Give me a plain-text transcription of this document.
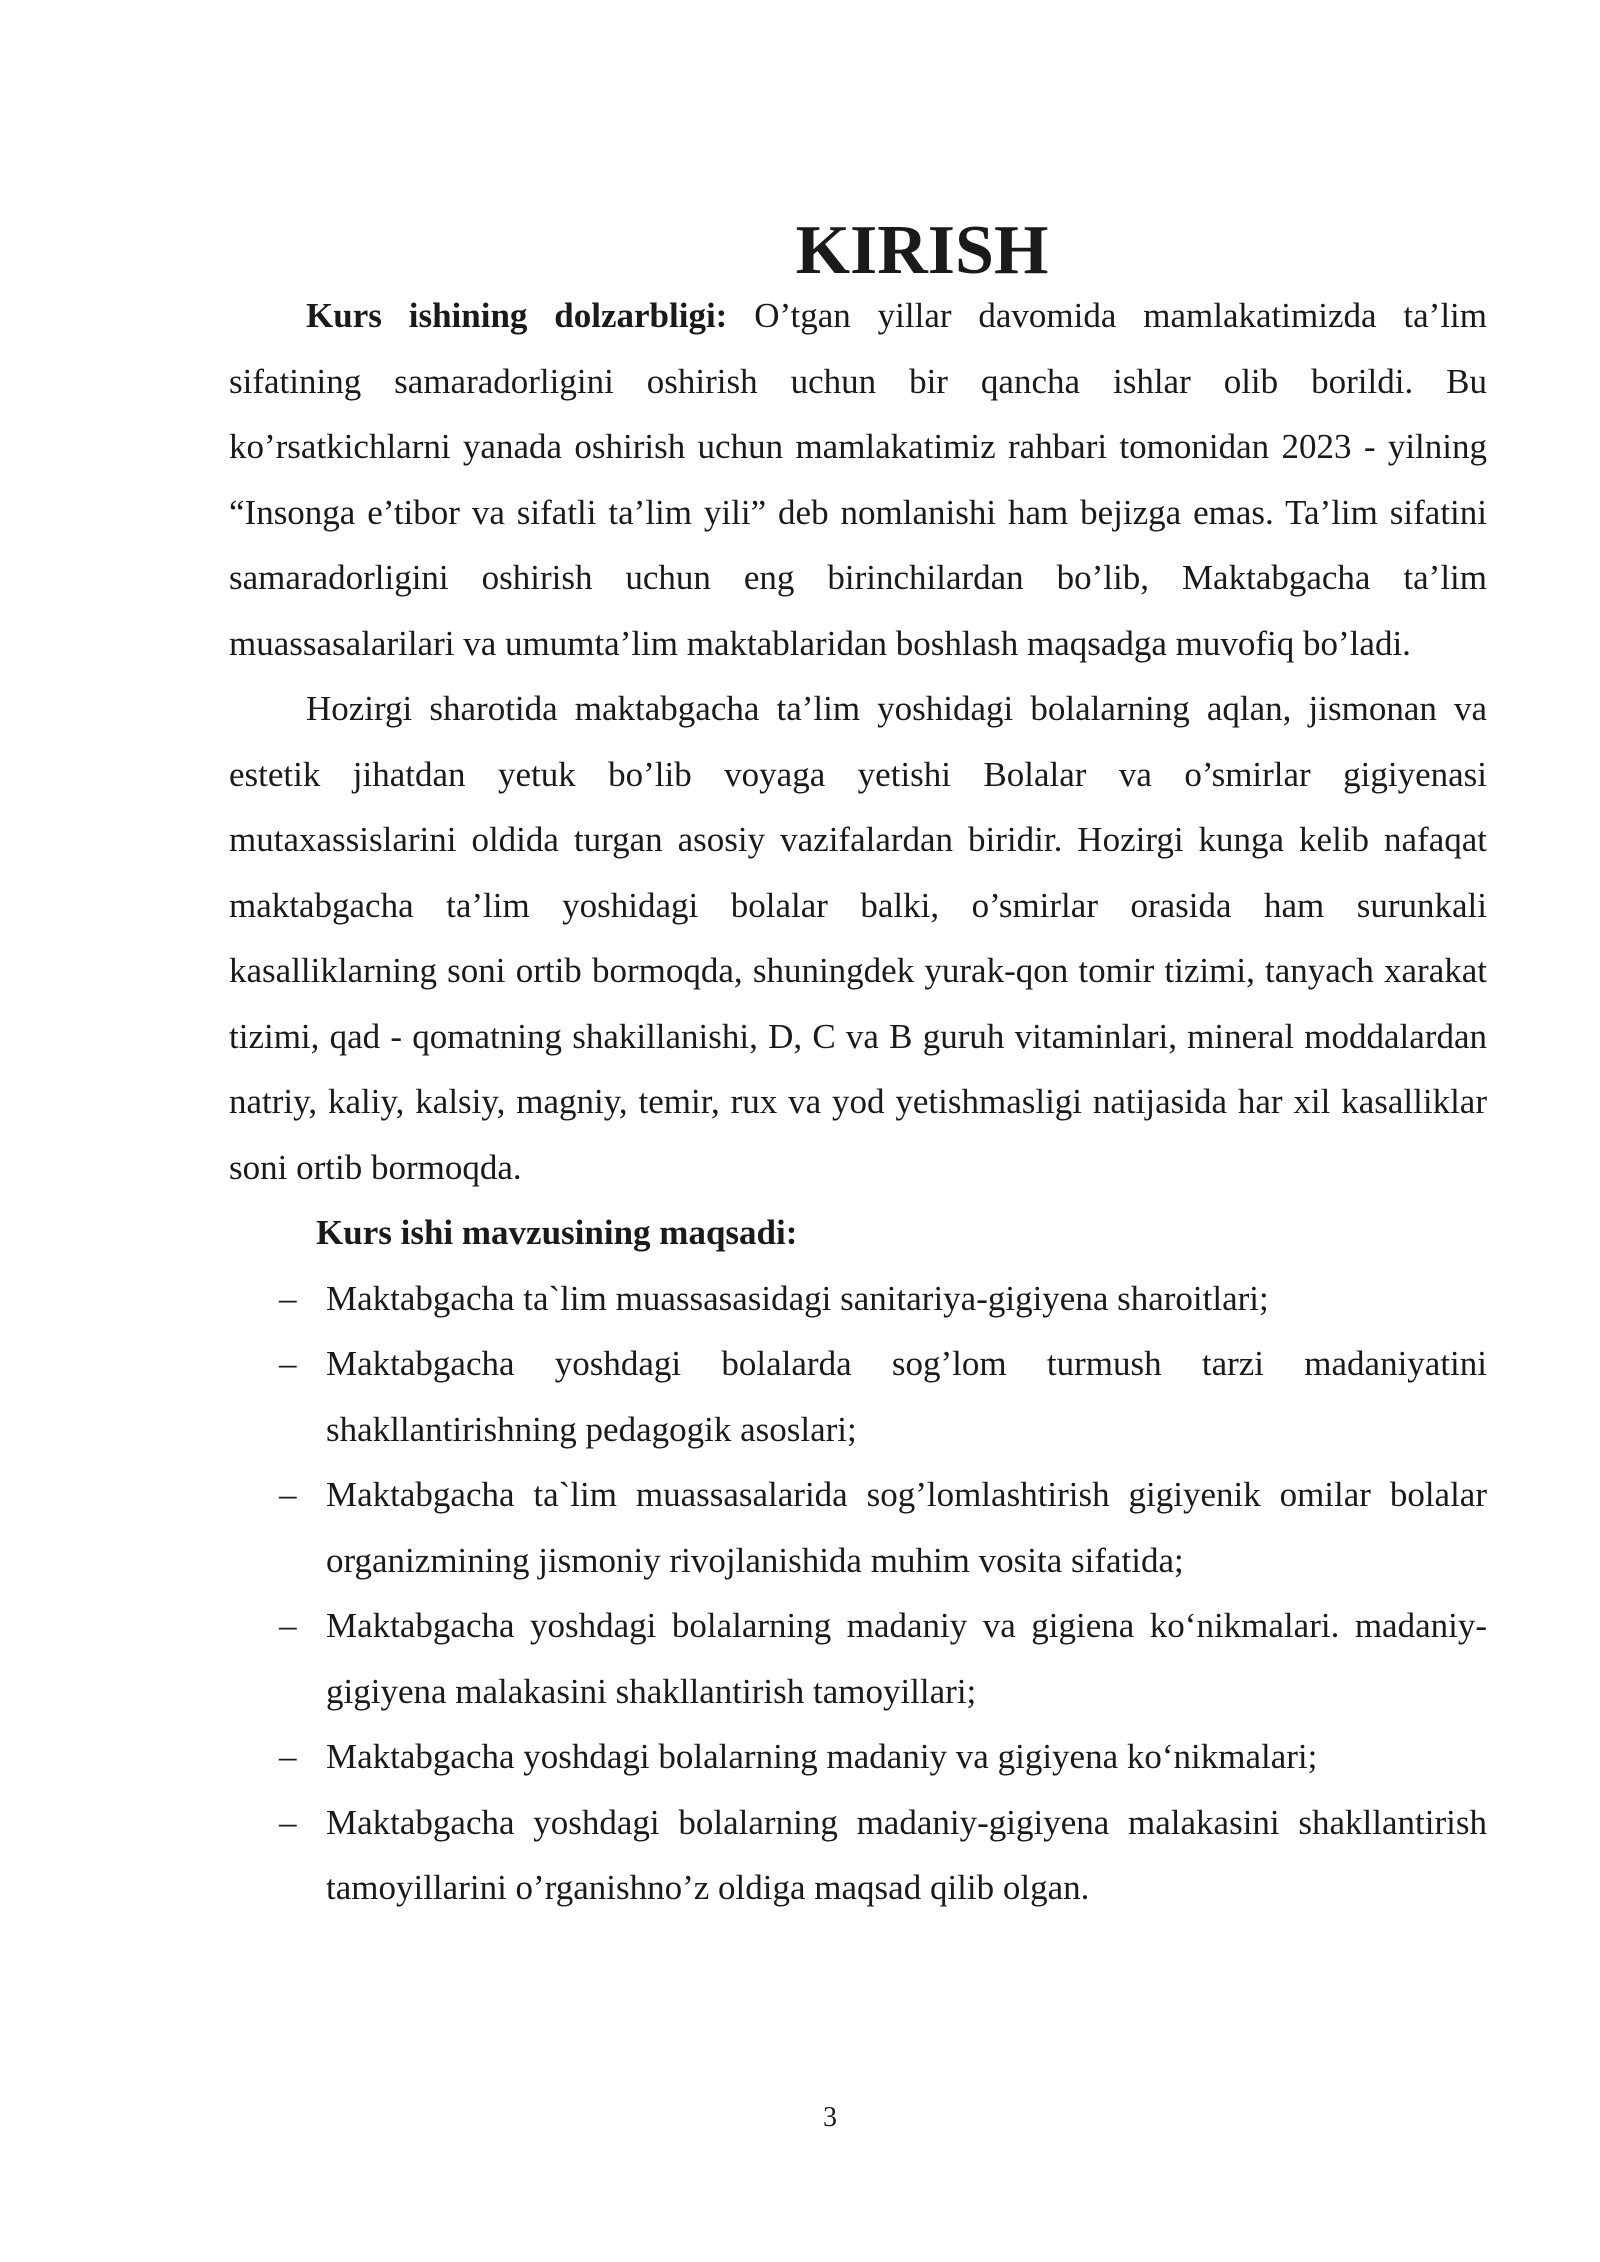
KIRISH

Kurs ishining dolzarbligi: O’tgan yillar davomida mamlakatimizda ta’lim sifatining samaradorligini oshirish uchun bir qancha ishlar olib borildi. Bu ko’rsatkichlarni yanada oshirish uchun mamlakatimiz rahbari tomonidan 2023 - yilning “Insonga e’tibor va sifatli ta’lim yili” deb nomlanishi ham bejizga emas. Ta’lim sifatini samaradorligini oshirish uchun eng birinchilardan bo’lib, Maktabgacha ta’lim muassasalarilari va umumta’lim maktablaridan boshlash maqsadga muvofiq bo’ladi.

Hozirgi sharotida maktabgacha ta’lim yoshidagi bolalarning aqlan, jismonan va estetik jihatdan yetuk bo’lib voyaga yetishi Bolalar va o’smirlar gigiyenasi mutaxassislarini oldida turgan asosiy vazifalardan biridir. Hozirgi kunga kelib nafaqat maktabgacha ta’lim yoshidagi bolalar balki, o’smirlar orasida ham surunkali kasalliklarning soni ortib bormoqda, shuningdek yurak-qon tomir tizimi, tanyach xarakat tizimi, qad - qomatning shakillanishi, D, C va B guruh vitaminlari, mineral moddalardan natriy, kaliy, kalsiy, magniy, temir, rux va yod yetishmasligi natijasida har xil kasalliklar soni ortib bormoqda.

Kurs ishi mavzusining maqsadi:

– Maktabgacha ta`lim muassasasidagi sanitariya-gigiyena sharoitlari;
– Maktabgacha yoshdagi bolalarda sog’lom turmush tarzi madaniyatini shakllantirishning pedagogik asoslari;
– Maktabgacha ta`lim muassasalarida sog’lomlashtirish gigiyenik omilar bolalar organizmining jismoniy rivojlanishida muhim vosita sifatida;
– Maktabgacha yoshdagi bolalarning madaniy va gigiena ko‘nikmalari. madaniy-gigiyena malakasini shakllantirish tamoyillari;
– Maktabgacha yoshdagi bolalarning madaniy va gigiyena ko‘nikmalari;
– Maktabgacha yoshdagi bolalarning madaniy-gigiyena malakasini shakllantirish tamoyillarini o’rganishno’z oldiga maqsad qilib olgan.
3
